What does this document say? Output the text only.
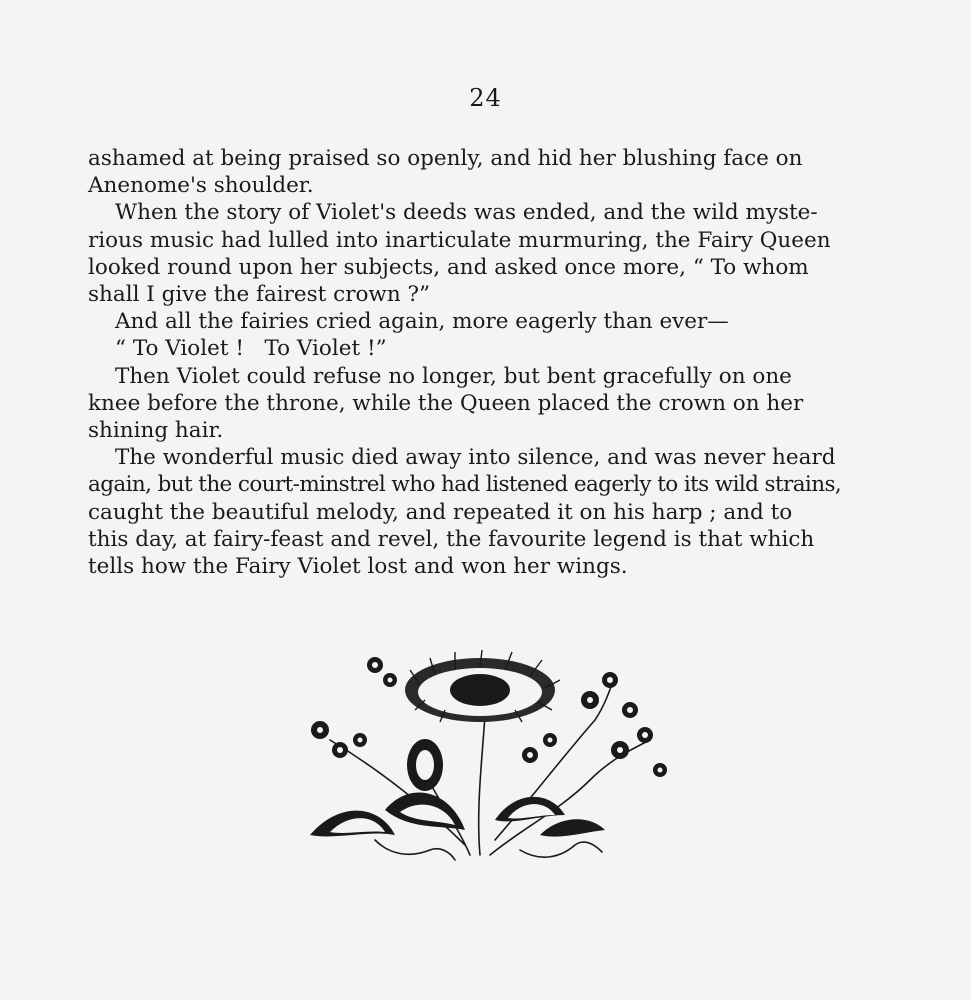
24

ashamed at being praised so openly, and hid her blushing face on
Anenome's shoulder.

When the story of Violet's deeds was ended, and the wild myste-
rious music had lulled into inarticulate murmuring, the Fairy Queen
looked round upon her subjects, and asked once more, “ To whom
shall I give the fairest crown ?”

And all the fairies cried again, more eagerly than ever—

“ To Violet !   To Violet !”

Then Violet could refuse no longer, but bent gracefully on one
knee before the throne, while the Queen placed the crown on her
shining hair.

The wonderful music died away into silence, and was never heard
again, but the court-minstrel who had listened eagerly to its wild strains,
caught the beautiful melody, and repeated it on his harp ; and to
this day, at fairy-feast and revel, the favourite legend is that which
tells how the Fairy Violet lost and won her wings.
